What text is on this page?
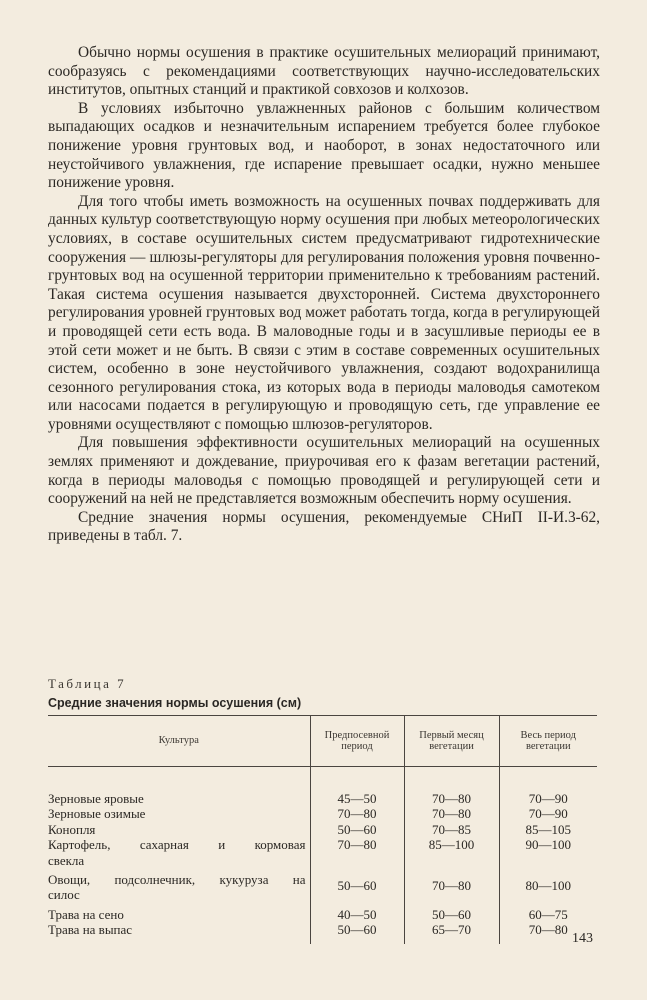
Обычно нормы осушения в практике осушительных мелиораций принимают, сообразуясь с рекомендациями соответствующих научно-исследовательских институтов, опытных станций и практикой совхозов и колхозов.

В условиях избыточно увлажненных районов с большим количеством выпадающих осадков и незначительным испарением требуется более глубокое понижение уровня грунтовых вод, и наоборот, в зонах недостаточного или неустойчивого увлажнения, где испарение превышает осадки, нужно меньшее понижение уровня.

Для того чтобы иметь возможность на осушенных почвах поддерживать для данных культур соответствующую норму осушения при любых метеорологических условиях, в составе осушительных систем предусматривают гидротехнические сооружения — шлюзы-регуляторы для регулирования положения уровня почвенно-грунтовых вод на осушенной территории применительно к требованиям растений. Такая система осушения называется двухсторонней. Система двухстороннего регулирования уровней грунтовых вод может работать тогда, когда в регулирующей и проводящей сети есть вода. В маловодные годы и в засушливые периоды ее в этой сети может и не быть. В связи с этим в составе современных осушительных систем, особенно в зоне неустойчивого увлажнения, создают водохранилища сезонного регулирования стока, из которых вода в периоды маловодья самотеком или насосами подается в регулирующую и проводящую сеть, где управление ее уровнями осуществляют с помощью шлюзов-регуляторов.

Для повышения эффективности осушительных мелиораций на осушенных землях применяют и дождевание, приурочивая его к фазам вегетации растений, когда в периоды маловодья с помощью проводящей и регулирующей сети и сооружений на ней не представляется возможным обеспечить норму осушения.

Средние значения нормы осушения, рекомендуемые СНиП II-И.3-62, приведены в табл. 7.

Таблица 7
Средние значения нормы осушения (см)
Культура	Предпосевной период	Первый месяц вегетации	Весь период вегетации

Зерновые яровые	45—50	70—80	70—90
Зерновые озимые	70—80	70—80	70—90
Конопля	50—60	70—85	85—105

Картофель, сахарная и кормовая
свекла	70—80	85—100	90—100

Овощи, подсолнечник, кукуруза на
силос	50—60	70—80	80—100
Трава на сено	40—50	50—60	60—75
Трава на выпас	50—60	65—70	70—80
143
